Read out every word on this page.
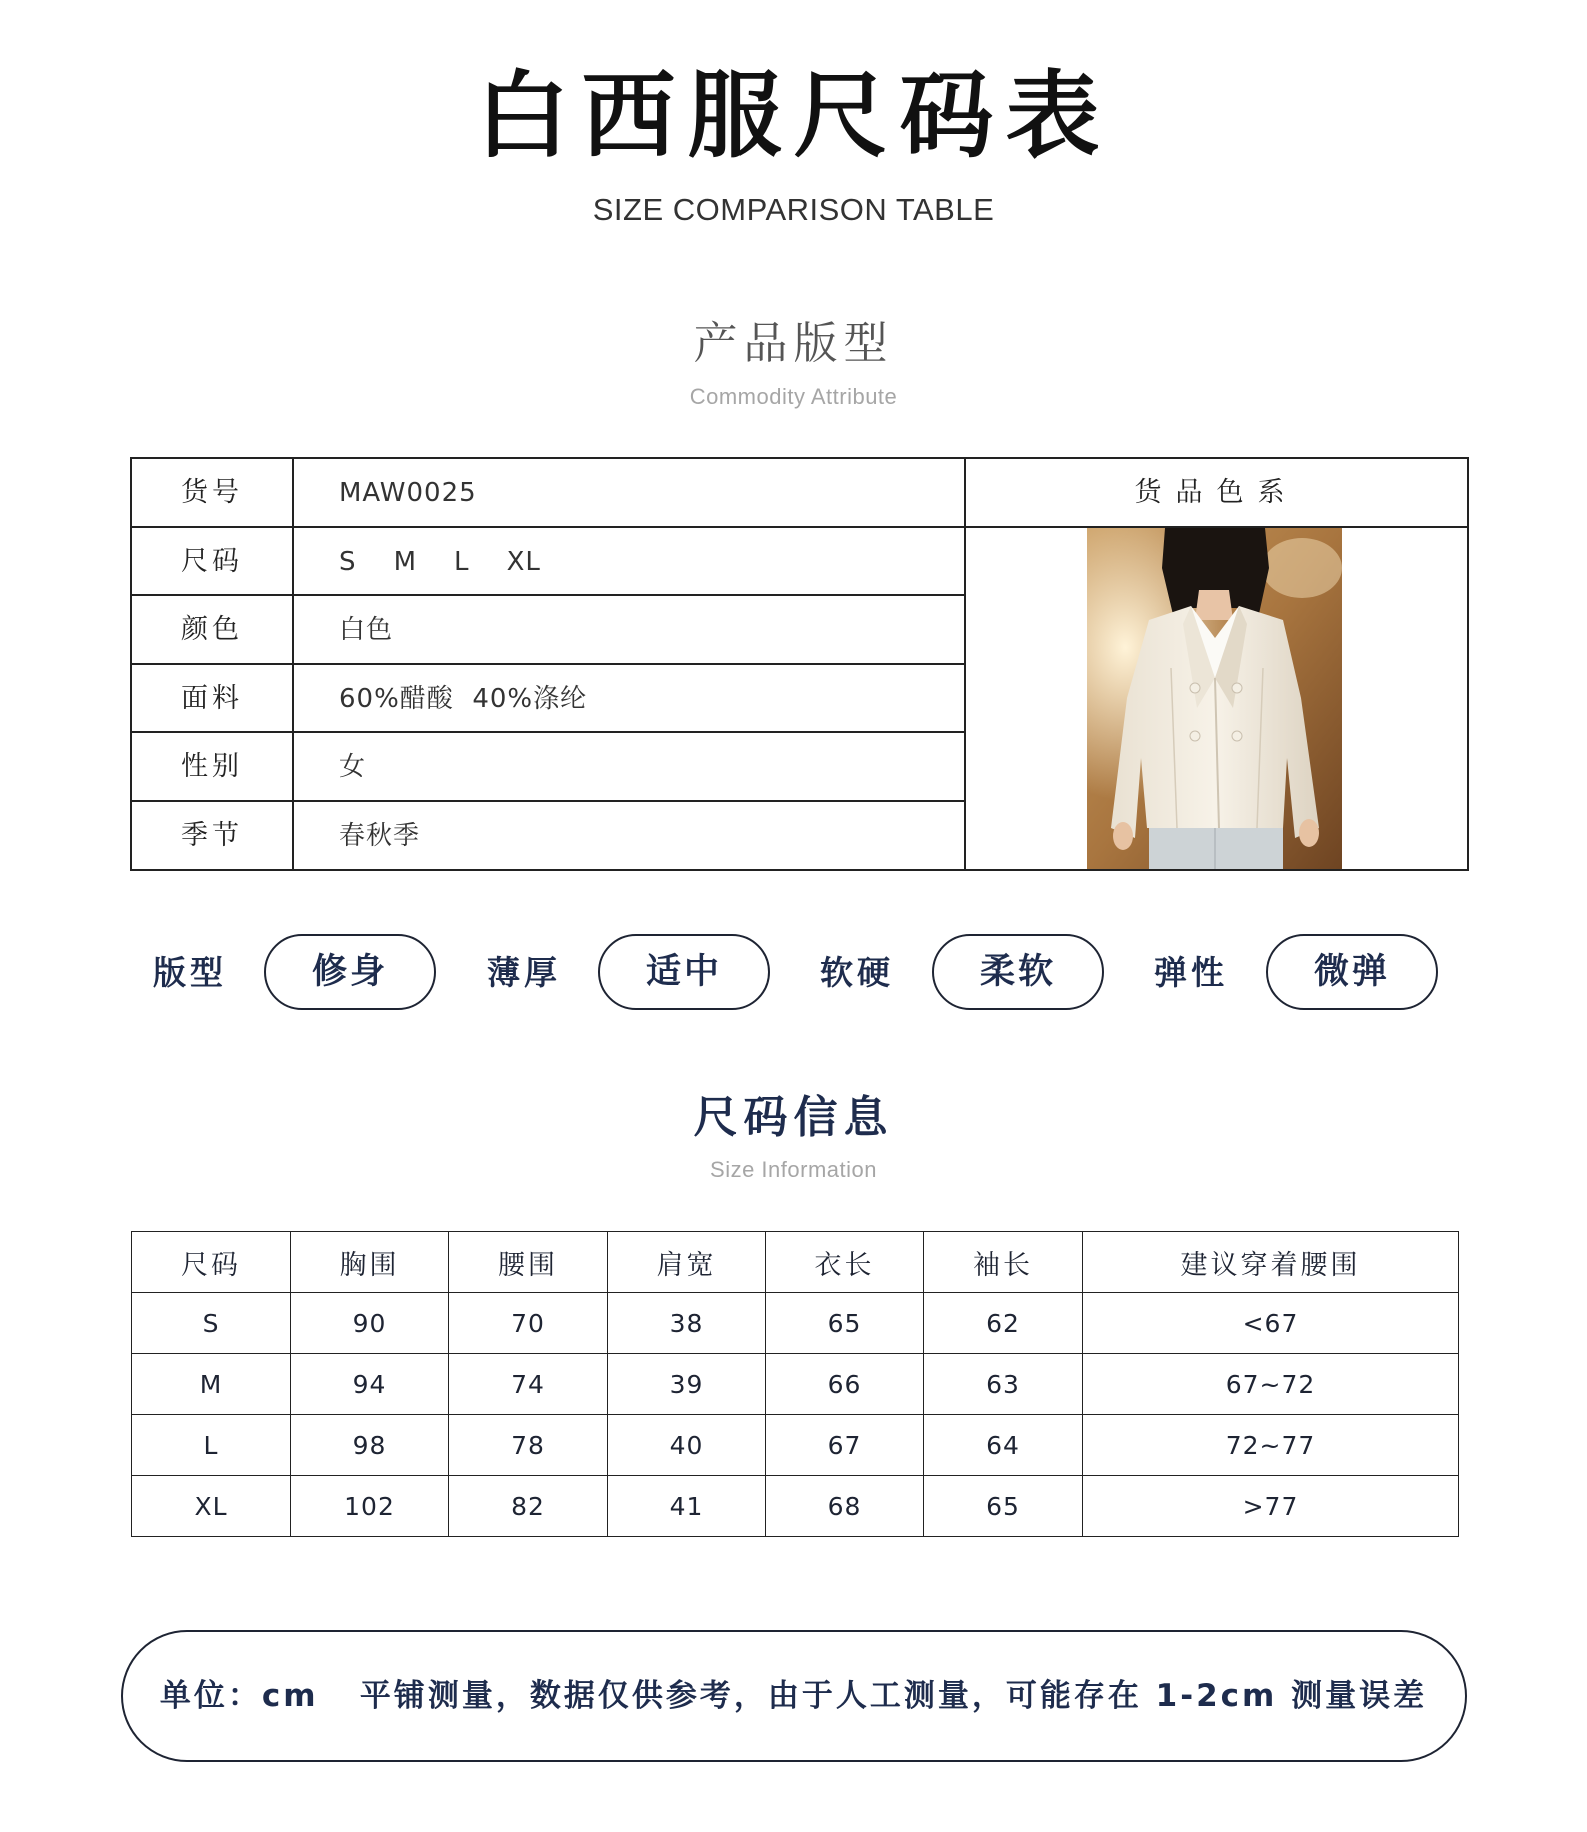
白西服尺码表
SIZE COMPARISON TABLE
产品版型
Commodity Attribute
货号	MAW0025
尺码	S    M    L    XL
颜色	白色
面料	60%醋酸  40%涤纶
性别	女
季节	春秋季
货品色系
版型	修身	薄厚	适中	软硬	柔软	弹性	微弹
尺码信息
Size Information
尺码	胸围	腰围	肩宽	衣长	袖长	建议穿着腰围
S	90	70	38	65	62	<67
M	94	74	39	66	63	67~72
L	98	78	40	67	64	72~77
XL	102	82	41	68	65	>77
单位：cm   平铺测量，数据仅供参考，由于人工测量，可能存在 1-2cm 测量误差
